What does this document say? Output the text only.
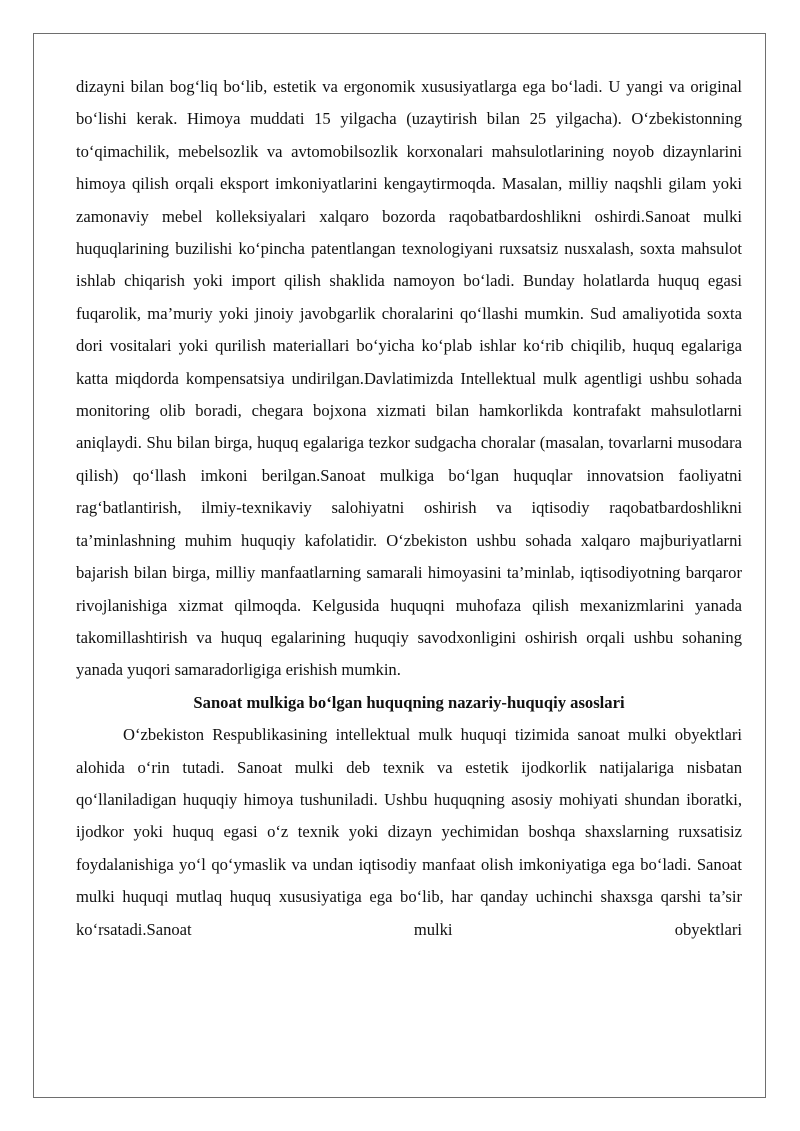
dizayni bilan bog‘liq bo‘lib, estetik va ergonomik xususiyatlarga ega bo‘ladi. U yangi va original bo‘lishi kerak. Himoya muddati 15 yilgacha (uzaytirish bilan 25 yilgacha). O‘zbekistonning to‘qimachilik, mebelsozlik va avtomobilsozlik korxonalari mahsulotlarining noyob dizaynlarini himoya qilish orqali eksport imkoniyatlarini kengaytirmoqda. Masalan, milliy naqshli gilam yoki zamonaviy mebel kolleksiyalari xalqaro bozorda raqobatbardoshlikni oshirdi.Sanoat mulki huquqlarining buzilishi ko‘pincha patentlangan texnologiyani ruxsatsiz nusxalash, soxta mahsulot ishlab chiqarish yoki import qilish shaklida namoyon bo‘ladi. Bunday holatlarda huquq egasi fuqarolik, ma’muriy yoki jinoiy javobgarlik choralarini qo‘llashi mumkin. Sud amaliyotida soxta dori vositalari yoki qurilish materiallari bo‘yicha ko‘plab ishlar ko‘rib chiqilib, huquq egalariga katta miqdorda kompensatsiya undirilgan.Davlatimizda Intellektual mulk agentligi ushbu sohada monitoring olib boradi, chegara bojxona xizmati bilan hamkorlikda kontrafakt mahsulotlarni aniqlaydi. Shu bilan birga, huquq egalariga tezkor sudgacha choralar (masalan, tovarlarni musodara qilish) qo‘llash imkoni berilgan.Sanoat mulkiga bo‘lgan huquqlar innovatsion faoliyatni rag‘batlantirish, ilmiy-texnikaviy salohiyatni oshirish va iqtisodiy raqobatbardoshlikni ta’minlashning muhim huquqiy kafolatidir. O‘zbekiston ushbu sohada xalqaro majburiyatlarni bajarish bilan birga, milliy manfaatlarning samarali himoyasini ta’minlab, iqtisodiyotning barqaror rivojlanishiga xizmat qilmoqda. Kelgusida huquqni muhofaza qilish mexanizmlarini yanada takomillashtirish va huquq egalarining huquqiy savodxonligini oshirish orqali ushbu sohaning yanada yuqori samaradorligiga erishish mumkin.

Sanoat mulkiga bo‘lgan huquqning nazariy-huquqiy asoslari

O‘zbekiston Respublikasining intellektual mulk huquqi tizimida sanoat mulki obyektlari alohida o‘rin tutadi. Sanoat mulki deb texnik va estetik ijodkorlik natijalariga nisbatan qo‘llaniladigan huquqiy himoya tushuniladi. Ushbu huquqning asosiy mohiyati shundan iboratki, ijodkor yoki huquq egasi o‘z texnik yoki dizayn yechimidan boshqa shaxslarning ruxsatisiz foydalanishiga yo‘l qo‘ymaslik va undan iqtisodiy manfaat olish imkoniyatiga ega bo‘ladi. Sanoat mulki huquqi mutlaq huquq xususiyatiga ega bo‘lib, har qanday uchinchi shaxsga qarshi ta’sir ko‘rsatadi.Sanoat mulki obyektlari
